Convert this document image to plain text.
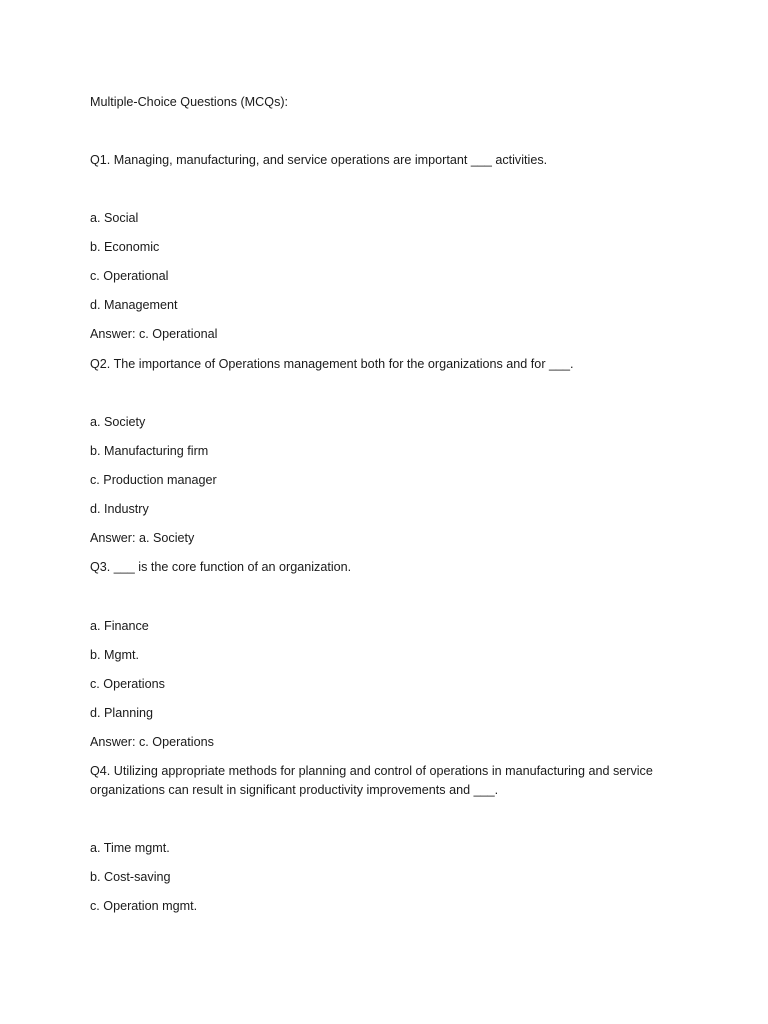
Multiple-Choice Questions (MCQs):
Q1. Managing, manufacturing, and service operations are important ___ activities.
a. Social
b. Economic
c. Operational
d. Management
Answer: c. Operational
Q2. The importance of Operations management both for the organizations and for ___.
a. Society
b. Manufacturing firm
c. Production manager
d. Industry
Answer: a. Society
Q3. ___ is the core function of an organization.
a. Finance
b. Mgmt.
c. Operations
d. Planning
Answer: c. Operations
Q4. Utilizing appropriate methods for planning and control of operations in manufacturing and service
organizations can result in significant productivity improvements and ___.
a. Time mgmt.
b. Cost-saving
c. Operation mgmt.
